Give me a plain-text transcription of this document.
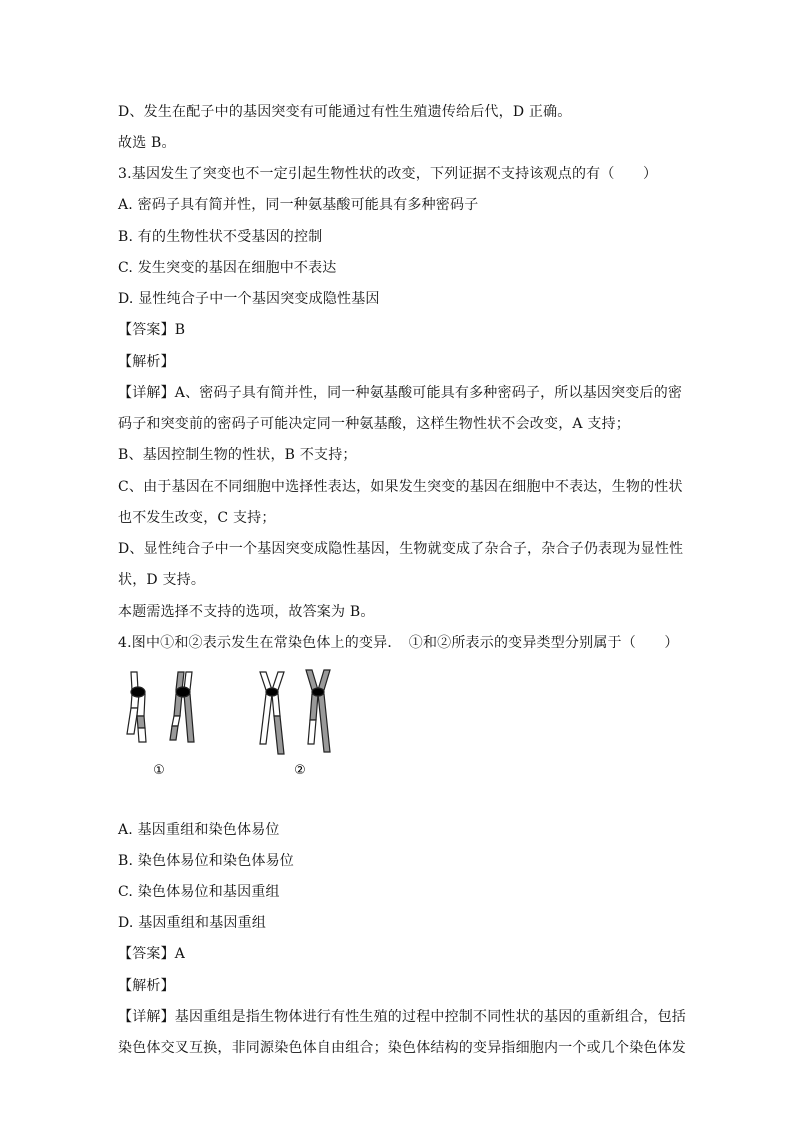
D、发生在配子中的基因突变有可能通过有性生殖遗传给后代，D 正确。
故选 B。
3.基因发生了突变也不一定引起生物性状的改变，下列证据不支持该观点的有（　　）
A. 密码子具有简并性，同一种氨基酸可能具有多种密码子
B. 有的生物性状不受基因的控制
C. 发生突变的基因在细胞中不表达
D. 显性纯合子中一个基因突变成隐性基因
【答案】B
【解析】
【详解】A、密码子具有简并性，同一种氨基酸可能具有多种密码子，所以基因突变后的密
码子和突变前的密码子可能决定同一种氨基酸，这样生物性状不会改变，A 支持；
B、基因控制生物的性状，B 不支持；
C、由于基因在不同细胞中选择性表达，如果发生突变的基因在细胞中不表达，生物的性状
也不发生改变，C 支持；
D、显性纯合子中一个基因突变成隐性基因，生物就变成了杂合子，杂合子仍表现为显性性
状，D 支持。
本题需选择不支持的选项，故答案为 B。
4.图中①和②表示发生在常染色体上的变异．　①和②所表示的变异类型分别属于（　　）
①	②
A. 基因重组和染色体易位
B. 染色体易位和染色体易位
C. 染色体易位和基因重组
D. 基因重组和基因重组
【答案】A
【解析】
【详解】基因重组是指生物体进行有性生殖的过程中控制不同性状的基因的重新组合，包括
染色体交叉互换，非同源染色体自由组合；染色体结构的变异指细胞内一个或几个染色体发
